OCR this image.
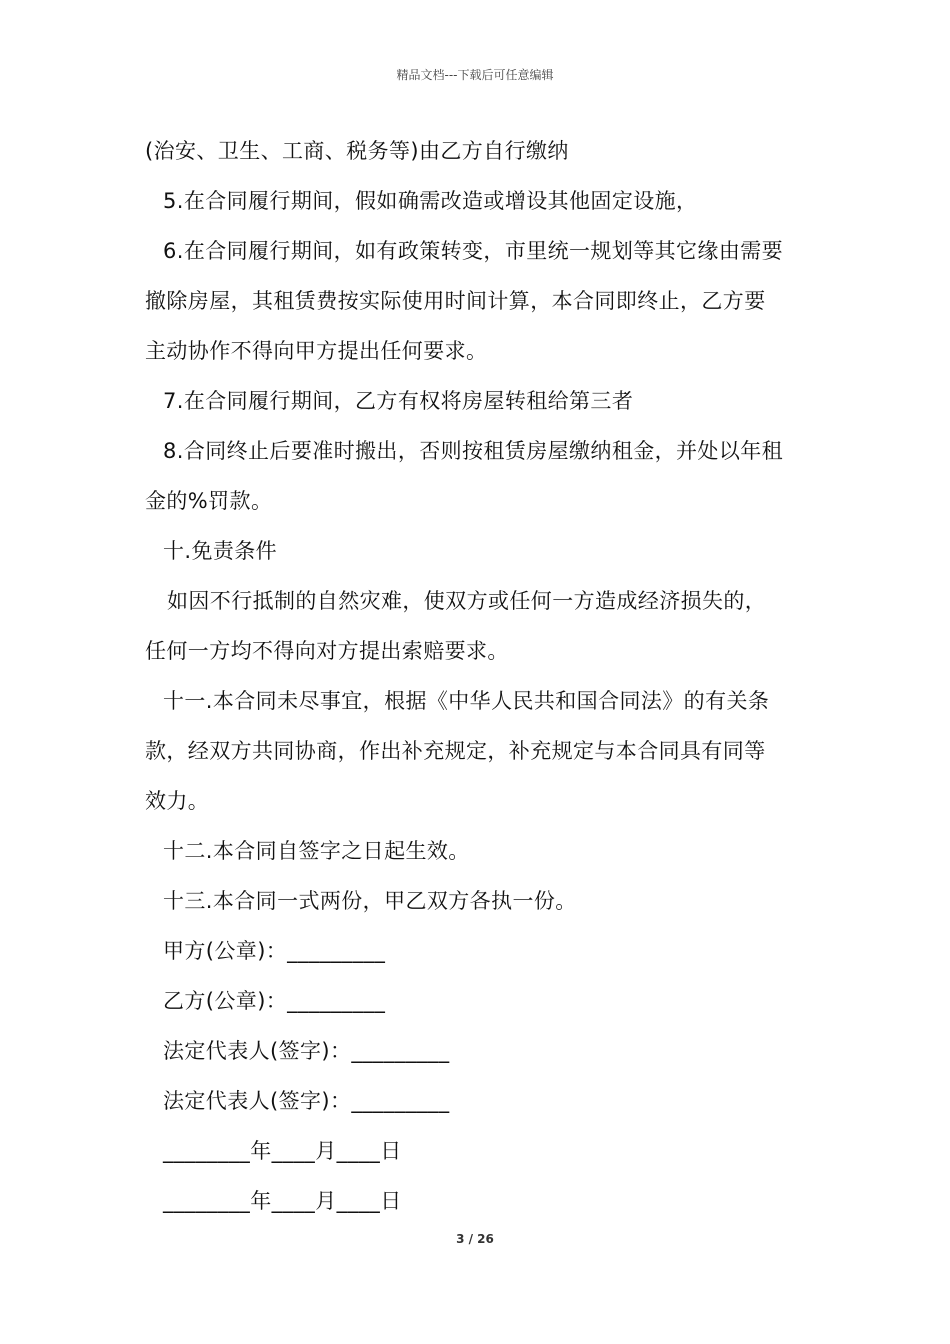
精品文档---下载后可任意编辑
(治安、卫生、工商、税务等)由乙方自行缴纳
5.在合同履行期间，假如确需改造或增设其他固定设施，
6.在合同履行期间，如有政策转变，市里统一规划等其它缘由需要
撤除房屋，其租赁费按实际使用时间计算，本合同即终止，乙方要
主动协作不得向甲方提出任何要求。
7.在合同履行期间，乙方有权将房屋转租给第三者
8.合同终止后要准时搬出，否则按租赁房屋缴纳租金，并处以年租
金的%罚款。
十.免责条件
如因不行抵制的自然灾难，使双方或任何一方造成经济损失的，
任何一方均不得向对方提出索赔要求。
十一.本合同未尽事宜，根据《中华人民共和国合同法》的有关条
款，经双方共同协商，作出补充规定，补充规定与本合同具有同等
效力。
十二.本合同自签字之日起生效。
十三.本合同一式两份，甲乙双方各执一份。
甲方(公章)：_________
乙方(公章)：_________
法定代表人(签字)：_________
法定代表人(签字)：_________
________年____月____日
________年____月____日
3 / 26
